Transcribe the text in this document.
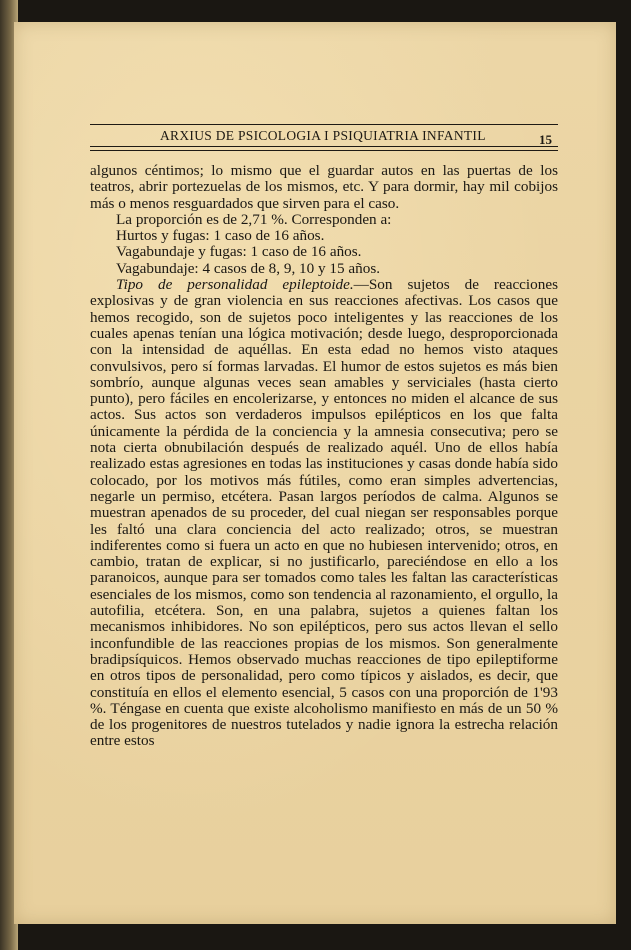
ARXIUS DE PSICOLOGIA I PSIQUIATRIA INFANTIL	15

algunos céntimos; lo mismo que el guardar autos en las puertas de los teatros, abrir portezuelas de los mismos, etc. Y para dormir, hay mil cobijos más o menos resguardados que sirven para el caso.

La proporción es de 2,71 %. Corresponden a:

Hurtos y fugas: 1 caso de 16 años.

Vagabundaje y fugas: 1 caso de 16 años.

Vagabundaje: 4 casos de 8, 9, 10 y 15 años.

Tipo de personalidad epileptoide.—Son sujetos de reacciones explosivas y de gran violencia en sus reacciones afectivas. Los casos que hemos recogido, son de sujetos poco inteligentes y las reacciones de los cuales apenas tenían una lógica motivación; desde luego, desproporcionada con la intensidad de aquéllas. En esta edad no hemos visto ataques convulsivos, pero sí formas larvadas. El humor de estos sujetos es más bien sombrío, aunque algunas veces sean amables y serviciales (hasta cierto punto), pero fáciles en encolerizarse, y entonces no miden el alcance de sus actos. Sus actos son verdaderos impulsos epilépticos en los que falta únicamente la pérdida de la conciencia y la amnesia consecutiva; pero se nota cierta obnubilación después de realizado aquél. Uno de ellos había realizado estas agresiones en todas las instituciones y casas donde había sido colocado, por los motivos más fútiles, como eran simples advertencias, negarle un permiso, etcétera. Pasan largos períodos de calma. Algunos se muestran apenados de su proceder, del cual niegan ser responsables porque les faltó una clara conciencia del acto realizado; otros, se muestran indiferentes como si fuera un acto en que no hubiesen intervenido; otros, en cambio, tratan de explicar, si no justificarlo, pareciéndose en ello a los paranoicos, aunque para ser tomados como tales les faltan las características esenciales de los mismos, como son tendencia al razonamiento, el orgullo, la autofilia, etcétera. Son, en una palabra, sujetos a quienes faltan los mecanismos inhibidores. No son epilépticos, pero sus actos llevan el sello inconfundible de las reacciones propias de los mismos. Son generalmente bradipsíquicos. Hemos observado muchas reacciones de tipo epileptiforme en otros tipos de personalidad, pero como típicos y aislados, es decir, que constituía en ellos el elemento esencial, 5 casos con una proporción de 1'93 %. Téngase en cuenta que existe alcoholismo manifiesto en más de un 50 % de los progenitores de nuestros tutelados y nadie ignora la estrecha relación entre estos
